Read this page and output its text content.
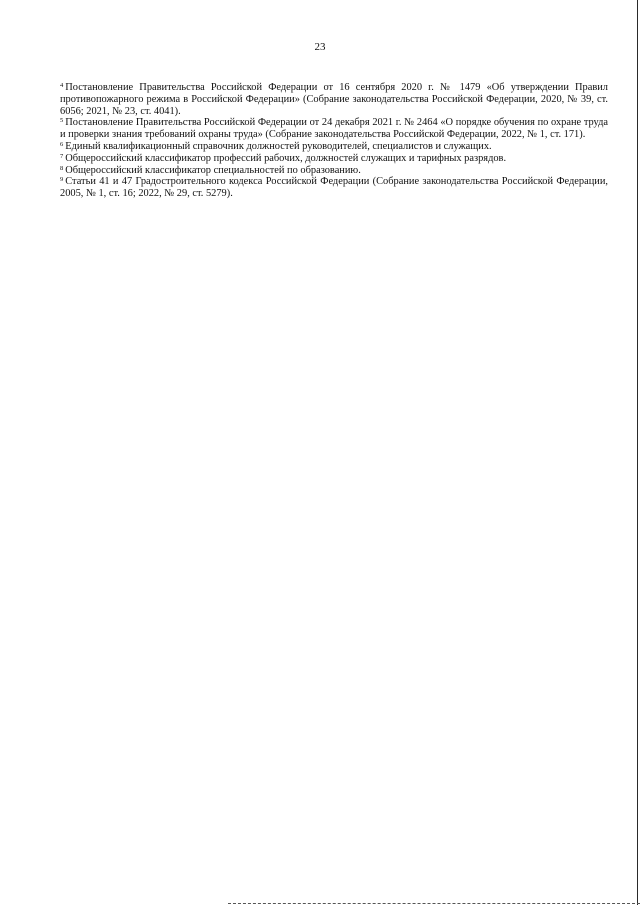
23

$^4$ Постановление Правительства Российской Федерации от 16 сентября 2020 г. № 1479 «Об утверждении Правил противопожарного режима в Российской Федерации» (Собрание законодательства Российской Федерации, 2020, № 39, ст. 6056; 2021, № 23, ст. 4041).

$^5$ Постановление Правительства Российской Федерации от 24 декабря 2021 г. № 2464 «О порядке обучения по охране труда и проверки знания требований охраны труда» (Собрание законодательства Российской Федерации, 2022, № 1, ст. 171).

$^6$ Единый квалификационный справочник должностей руководителей, специалистов и служащих.

$^7$ Общероссийский классификатор профессий рабочих, должностей служащих и тарифных разрядов.

$^8$ Общероссийский классификатор специальностей по образованию.

$^9$ Статьи 41 и 47 Градостроительного кодекса Российской Федерации (Собрание законодательства Российской Федерации, 2005, № 1, ст. 16; 2022, № 29, ст. 5279).
